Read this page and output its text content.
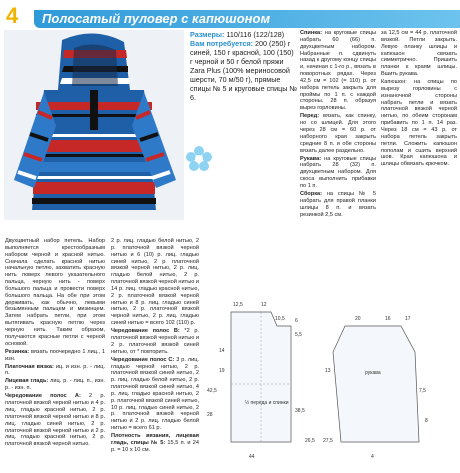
4 Полосатый пуловер с капюшоном
Размеры: 110/116 (122/128)
Вам потребуется: 200 (250) г синей, 150 г красной, 100 (150) г черной и 50 г белой пряжи Zara Plus (100% мериносовой шерсти, 70 м/50 г), прямые спицы № 5 и круговые спицы № 6.

Двухцветный набор петель. Набор выполняется крестообразным набором черной и красной нитью. Сначала сделать красной нитью начальную петлю, захватить красную нить поверх левого указательного пальца, черную нить - поверх большого пальца и провести поверх большого пальца. На обе при этом держивать, как обычно, левыми безымянным пальцем и мизинцем. Затем набрать петли, при этом вытягивать красную петлю через черную нить. Таким образом, получаются красные петли с черной основой.

Резинка: вязать поочередно 1 лиц., 1 изн.

Платочная вязка: иц. и изн. р. - лиц. п.

Лицевая гладь: лиц. р. - лиц. п., изн. р. - изн. п.

Чередование полос А: 2 р. платочной вязкой черной нитью и 4 р. лиц. гладью красной нитью, 2 р. платочной вязкой черной нитью и 8 р. лиц. гладью синей нитью, 2 р. платочной вязкой черной нитью и 2 р. лиц. гладью красной нитью, 2 р. платочной вязкой черной нитью.

2 р. лиц. гладью белой нитью, 2 р. платочной вязкой черной нитью и 6 (10) р. лиц. гладью синей нитью, 2 р. платочной вязкой черной нитью, 2 р. лиц. гладью белой нитью, 2 р. платочной вязкой черной нитью и 14 р. лиц. гладью красной нитью, 2 р. платочной вязкой черной нитью и 8 р. лиц. гладью синей нитью, 2 р. платочной вязкой черной нитью, 2 р. лиц. гладью синей нитью = всего 102 (110) р.

Чередование полос В: *2 р. платочной вязкой черной нитью и 2 р. платочной вязкой синей нитью, от * повторить.

Чередование полос С: 3 р. лиц. гладью черной нитью, 2 р. платочной вязкой синей нитью, 2 р. лиц. гладью белой нитью, 2 р. платочной вязкой синей нитью, 4 р. лиц. гладью красной нитью, 2 р. платочной вязкой синей нитью, 10 р. лиц. гладью синей нитью, 2 р. платочной вязкой черной нитью и 2 р. лиц. гладью белой нитью = всего 61 р.

Плотность вязания, лицевая гладь, спицы № 5: 15,5 п. и 24 р. = 10 х 10 см.

Спинка: на круговые спицы набрать 60 (66) п. двухцветным набором. Набранные п. сдвинуть назад к другому концу спицы и, начиная с 1-го р., вязать в поворотных рядах. Через 42,5 см = 102 (= 110) р. от набора петель закрыть для проймы по 1 п. с каждой стороны. 28 п. образуя вырез горловины.

Перед: вязать, как спинку, но со шлицей. Для этого через 28 см = 60 р. от наборного края закрыть средние 8 п. и обе стороны вязать далее раздельно.

Рукава: на круговые спицы набрать 28 (32) п. двухцветным набором. Для скоса выполнить прибавки по 1 п.

Сборка: на спицы № 5 набрать для правой планки шлицы 8 п. и вязать резинкой 2,5 см.

за 12,5 см = 44 р. платочной вязкой. Петли закрыть. Левую планку шлицы и капюшон связать симметрично. Пришить планки к краям шлицы. Вшить рукава.

Капюшон: на спицы по вырезу горловины с изнаночной стороны набрать петли и вязать платочной вязкой черной нитью, по обеим сторонам прибавить по 1 п. 14 раз. Через 18 см = 43 р. от набора петель закрыть петли. Сложить капюшон пополам и сшить верхний шов. Края капюшона и шлицы обвязать крючком.

½ переда и спинки
рукава
12,5	12
10,5 6
5,5
14
19
42,5
28
38,5
44
26,5 27,5
20	16	17
13
7,5
8
4
